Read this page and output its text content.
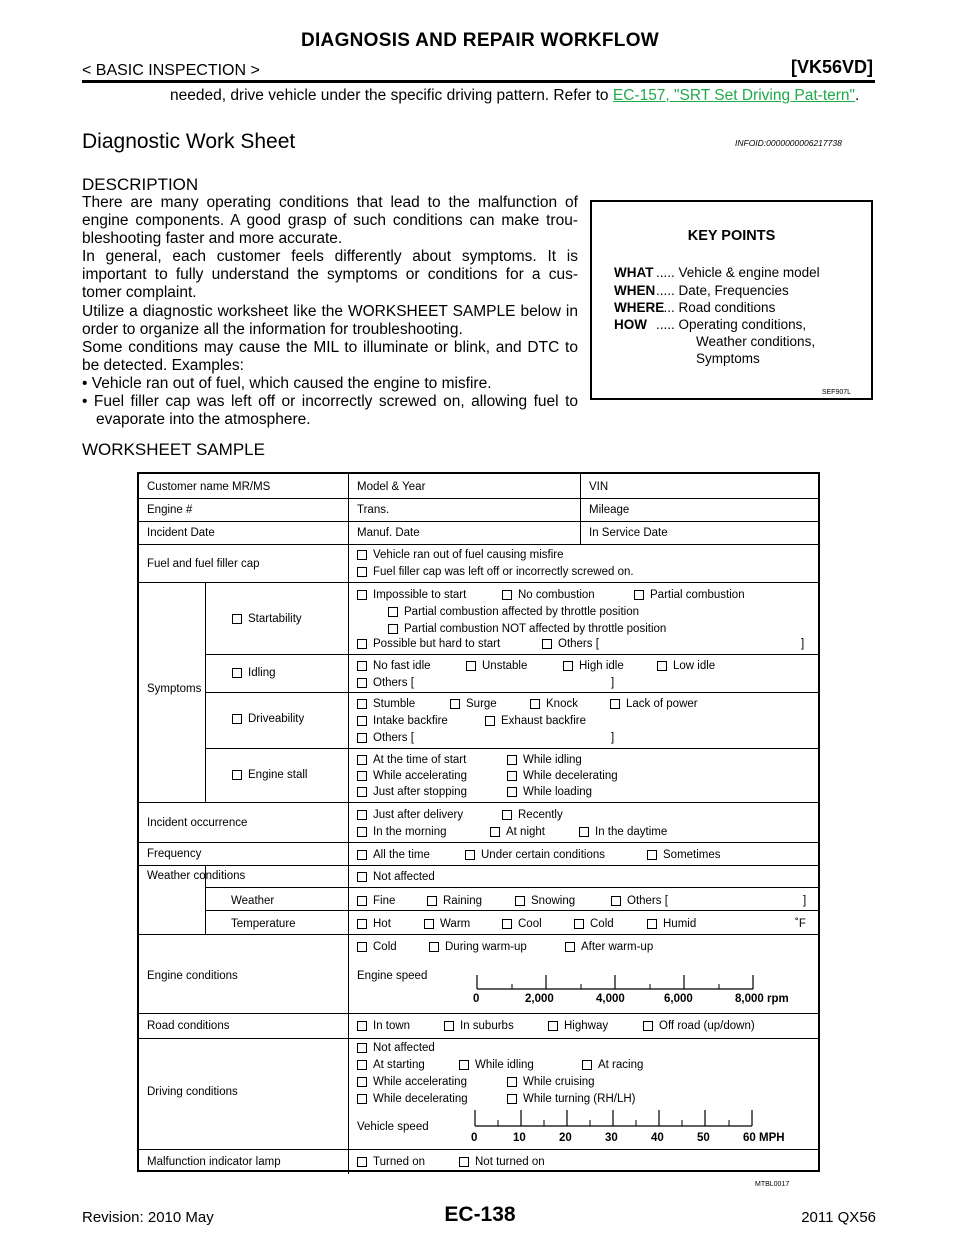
DIAGNOSIS AND REPAIR WORKFLOW
< BASIC INSPECTION >	[VK56VD]
needed, drive vehicle under the specific driving pattern. Refer to EC-157, "SRT Set Driving Pat-tern".
Diagnostic Work Sheet	INFOID:0000000006217738
DESCRIPTION

There are many operating conditions that lead to the malfunction of engine components. A good grasp of such conditions can make trou-bleshooting faster and more accurate.

In general, each customer feels differently about symptoms. It is important to fully understand the symptoms or conditions for a cus-tomer complaint.

Utilize a diagnostic worksheet like the WORKSHEET SAMPLE below in order to organize all the information for troubleshooting.

Some conditions may cause the MIL to illuminate or blink, and DTC to be detected. Examples:

• Vehicle ran out of fuel, which caused the engine to misfire.

• Fuel filler cap was left off or incorrectly screwed on, allowing fuel to evaporate into the atmosphere.

KEY POINTS
WHAT ..... Vehicle & engine model
WHEN..... Date, Frequencies
WHERE..... Road conditions
HOW ..... Operating conditions,
Weather conditions,
Symptoms
SEF907L
WORKSHEET SAMPLE
Customer name MR/MS	Model & Year	VIN
Engine #	Trans.	Mileage
Incident Date	Manuf. Date	In Service Date
Fuel and fuel filler cap
Vehicle ran out of fuel causing misfire
Fuel filler cap was left off or incorrectly screwed on.
Symptoms
Startability
Impossible to start	No combustion	Partial combustion
Partial combustion affected by throttle position
Partial combustion NOT affected by throttle position
Possible but hard to start	Others [	]
Idling
No fast idle	Unstable	High idle	Low idle
Others [	]
Driveability
Stumble	Surge	Knock	Lack of power
Intake backfire	Exhaust backfire
Others [	]
Engine stall
At the time of start	While idling
While accelerating	While decelerating
Just after stopping	While loading
Incident occurrence
Just after delivery	Recently
In the morning	At night	In the daytime
Frequency	All the time	Under certain conditions	Sometimes
Weather conditions	Not affected
Weather	Fine	Raining	Snowing	Others [	]
Temperature	Hot	Warm	Cool	Cold	Humid	˚F
Engine conditions
Cold	During warm-up	After warm-up
Engine speed
0	2,000	4,000	6,000	8,000 rpm
Road conditions	In town	In suburbs	Highway	Off road (up/down)
Driving conditions
Not affected
At starting	While idling	At racing
While accelerating	While cruising
While decelerating	While turning (RH/LH)
Vehicle speed
0	10	20	30	40	50	60 MPH
Malfunction indicator lamp	Turned on	Not turned on
MTBL0017
Revision: 2010 May	EC-138	2011 QX56
